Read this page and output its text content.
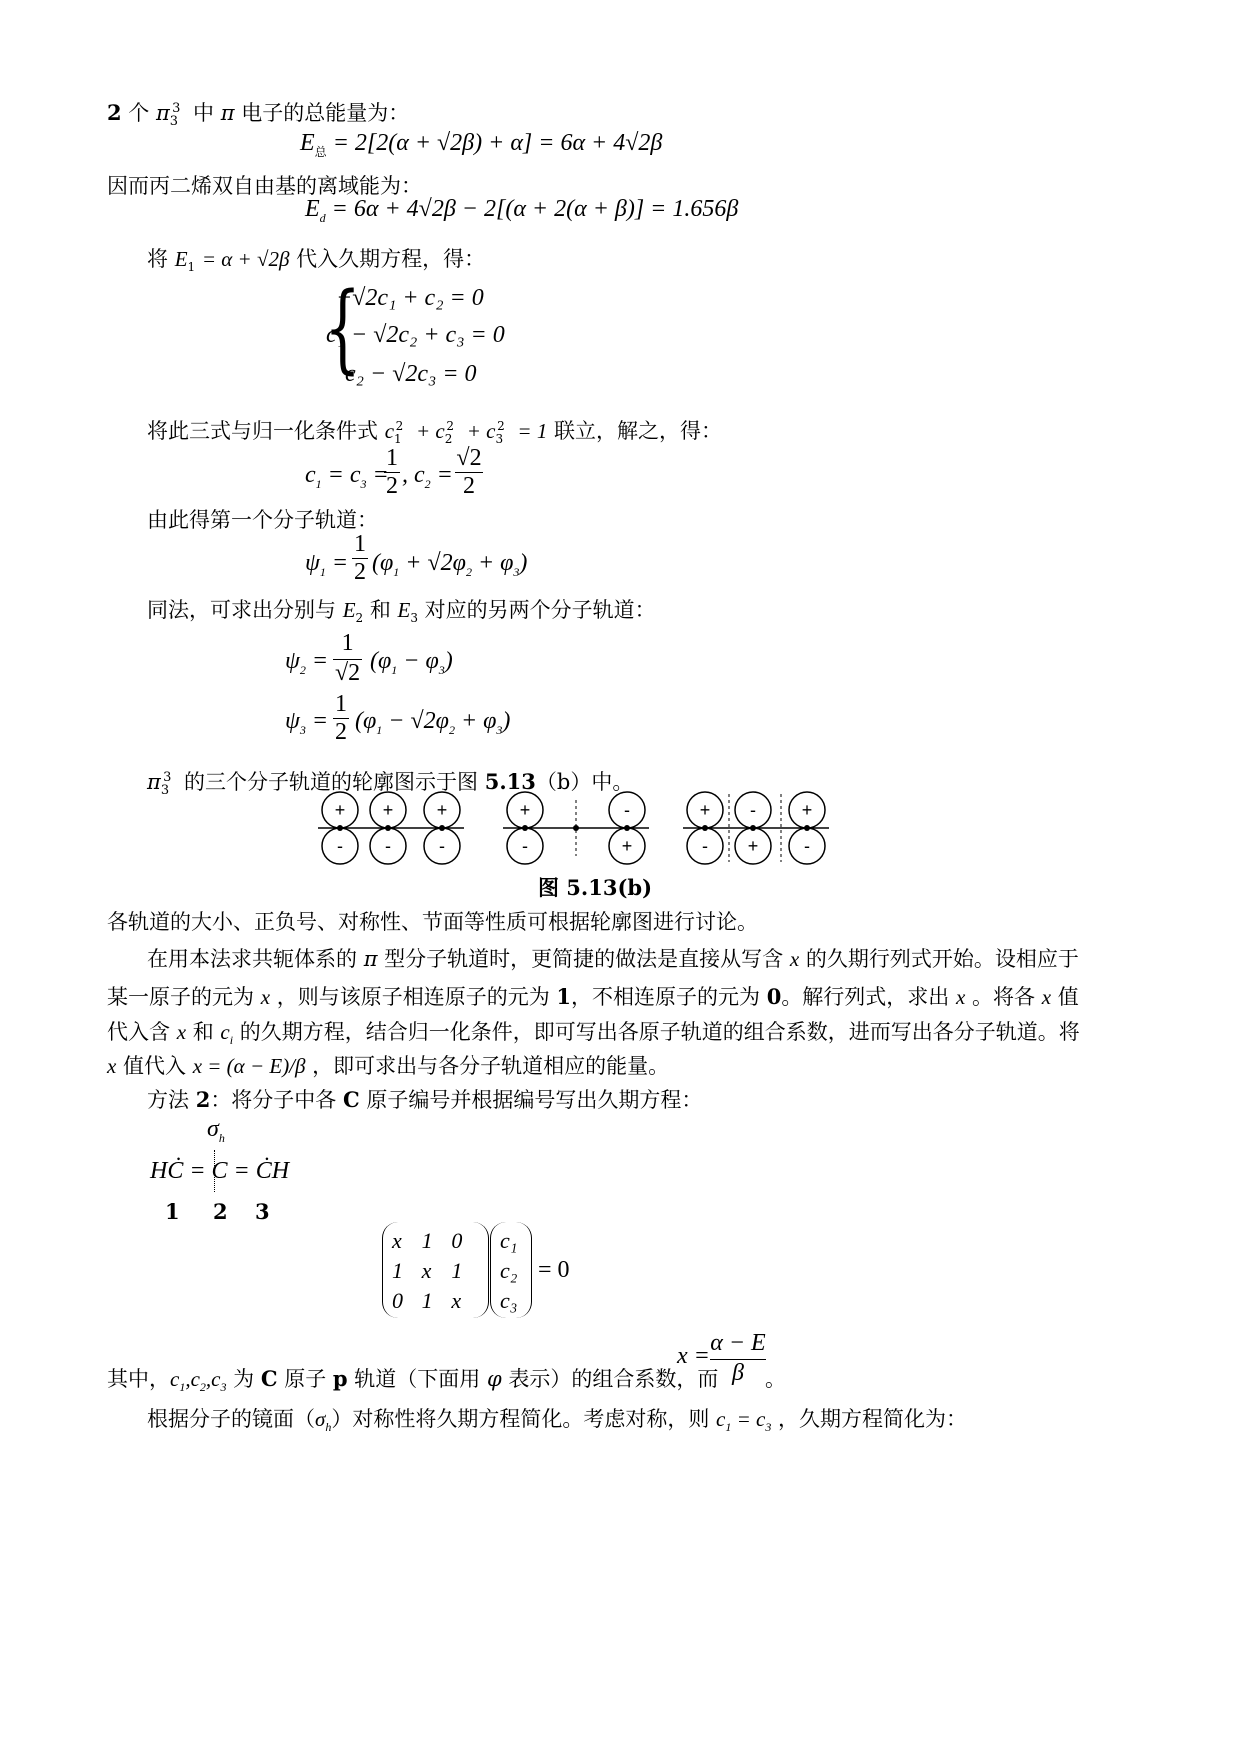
2 个 $\pi_3^3$ 中 π 电子的总能量为：
$E_总 = 2[2(\alpha + √2\beta) + \alpha] = 6\alpha + 4√2\beta$
因而丙二烯双自由基的离域能为：
$E_d = 6\alpha + 4√2\beta - 2[(\alpha + 2(\alpha + \beta)] = 1.656\beta$
将 $E_1 = \alpha + √2\beta$ 代入久期方程，得：
{
−√2c₁ + c₂ = 0
c₁ − √2c₂ + c₃ = 0
c₂ − √2c₃ = 0
将此三式与归一化条件式 $c_1^2 + c_2^2 + c_3^2 = 1$ 联立，解之，得：
$c_1 = c_3$ =
1
2 , $c_2$ =
√2
2
由此得第一个分子轨道：
$\psi_1$ =
1
2 $(\varphi_1 + √2\varphi_2 + \varphi_3)$
同法，可求出分别与 $E_2$ 和 $E_3$ 对应的另两个分子轨道：
$\psi_2$ =
1
√2 $(\varphi_1 - \varphi_3)$
$\psi_3$ =
1
2 $(\varphi_1 - √2\varphi_2 + \varphi_3)$
$\pi_3^3$ 的三个分子轨道的轮廓图示于图 5.13（b）中。
+
-
+
-
+
-
+
-
-
+
+
-
-
+
+
-
图 5.13(b)
各轨道的大小、正负号、对称性、节面等性质可根据轮廓图进行讨论。
在用本法求共轭体系的 π 型分子轨道时，更简捷的做法是直接从写含 x 的久期行列式开始。设相应于
某一原子的元为 x ，则与该原子相连原子的元为 1，不相连原子的元为 0。解行列式，求出 x 。将各 x 值
代入含 x 和 $c_i$ 的久期方程，结合归一化条件，即可写出各原子轨道的组合系数，进而写出各分子轨道。将
x 值代入 x = (α − E)/β ，即可求出与各分子轨道相应的能量。
方法 2：将分子中各 C 原子编号并根据编号写出久期方程：
$\sigma_h$
HĊ = C = ĊH
1 2 3
x	1	0
1	x	1
0	1	x
c₁
c₂
c₃
= 0
x = α − E
β
其中，$c_1,c_2,c_3$ 为 C 原子 p 轨道（下面用 φ 表示）的组合系数，而 。
根据分子的镜面$(\sigma_h)$对称性将久期方程简化。考虑对称，则 $c_1 = c_3$ ，久期方程简化为：
